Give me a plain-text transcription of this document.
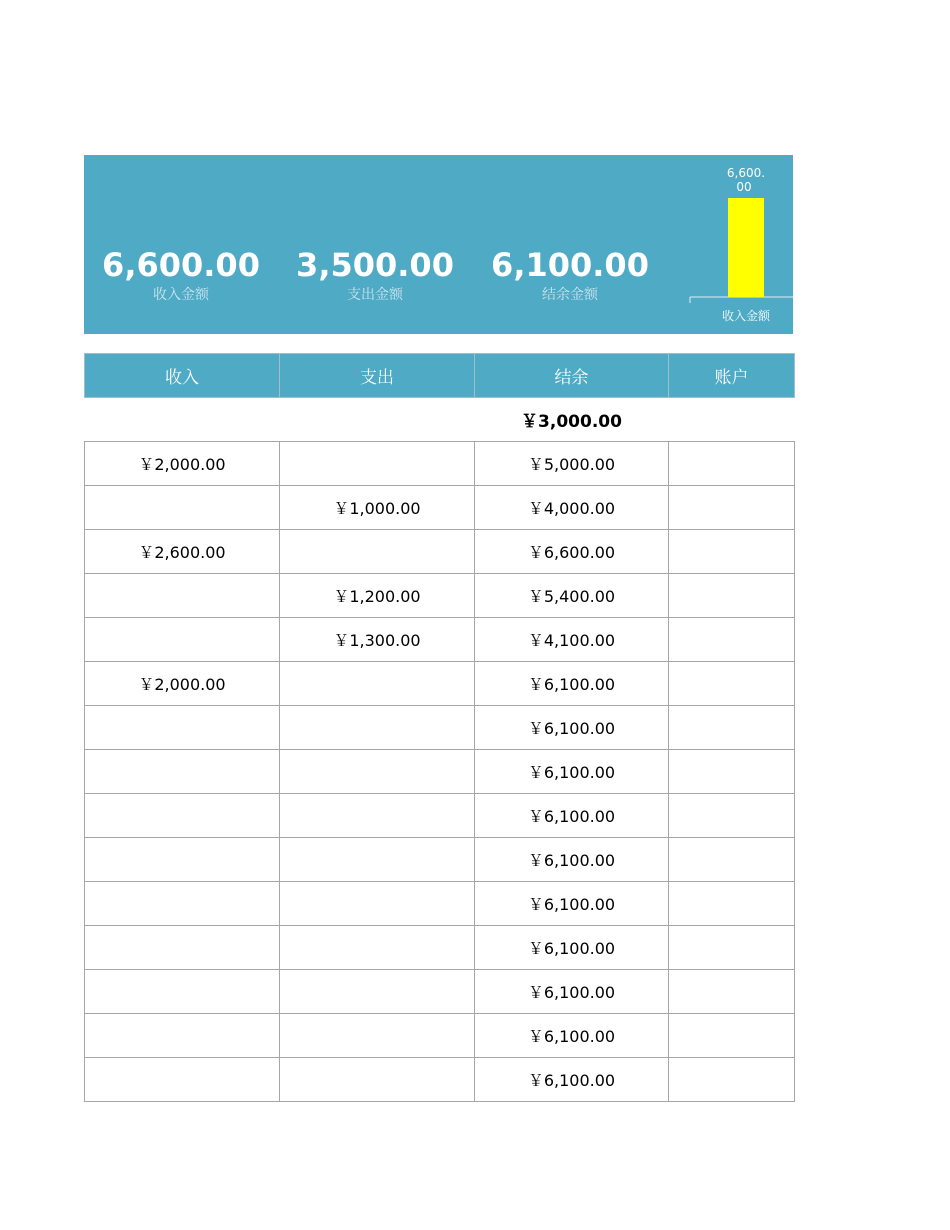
6,600.00
收入金额
3,500.00
支出金额
6,100.00
结余金额
6,600.
00
收入金额
收入	支出	结余	账户
		￥3,000.00	
￥2,000.00		￥5,000.00	
	￥1,000.00	￥4,000.00	
￥2,600.00		￥6,600.00	
	￥1,200.00	￥5,400.00	
	￥1,300.00	￥4,100.00	
￥2,000.00		￥6,100.00	
		￥6,100.00	
		￥6,100.00	
		￥6,100.00	
		￥6,100.00	
		￥6,100.00	
		￥6,100.00	
		￥6,100.00	
		￥6,100.00	
		￥6,100.00	
